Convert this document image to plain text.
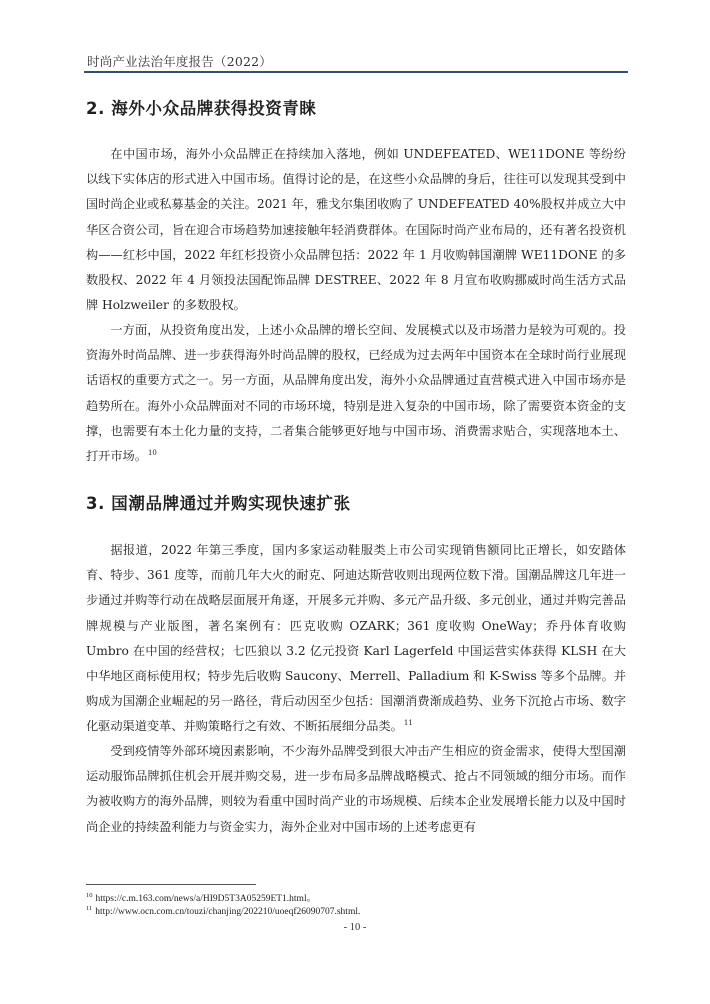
时尚产业法治年度报告（2022）
2. 海外小众品牌获得投资青睐

在中国市场，海外小众品牌正在持续加入落地，例如 UNDEFEATED、WE11DONE 等纷纷以线下实体店的形式进入中国市场。值得讨论的是，在这些小众品牌的身后，往往可以发现其受到中国时尚企业或私募基金的关注。2021 年，雅戈尔集团收购了 UNDEFEATED 40%股权并成立大中华区合资公司，旨在迎合市场趋势加速接触年轻消费群体。在国际时尚产业布局的，还有著名投资机构——红杉中国，2022 年红杉投资小众品牌包括：2022 年 1 月收购韩国潮牌 WE11DONE 的多数股权、2022 年 4 月领投法国配饰品牌 DESTREE、2022 年 8 月宣布收购挪威时尚生活方式品牌 Holzweiler 的多数股权。

一方面，从投资角度出发，上述小众品牌的增长空间、发展模式以及市场潜力是较为可观的。投资海外时尚品牌、进一步获得海外时尚品牌的股权，已经成为过去两年中国资本在全球时尚行业展现话语权的重要方式之一。另一方面，从品牌角度出发，海外小众品牌通过直营模式进入中国市场亦是趋势所在。海外小众品牌面对不同的市场环境，特别是进入复杂的中国市场，除了需要资本资金的支撑，也需要有本土化力量的支持，二者集合能够更好地与中国市场、消费需求贴合，实现落地本土、打开市场。$^{10}$

3. 国潮品牌通过并购实现快速扩张

据报道，2022 年第三季度，国内多家运动鞋服类上市公司实现销售额同比正增长，如安踏体育、特步、361 度等，而前几年大火的耐克、阿迪达斯营收则出现两位数下滑。国潮品牌这几年进一步通过并购等行动在战略层面展开角逐，开展多元并购、多元产品升级、多元创业，通过并购完善品牌规模与产业版图，著名案例有：匹克收购 OZARK；361 度收购 OneWay；乔丹体育收购 Umbro 在中国的经营权；七匹狼以 3.2 亿元投资 Karl Lagerfeld 中国运营实体获得 KLSH 在大中华地区商标使用权；特步先后收购 Saucony、Merrell、Palladium 和 K-Swiss 等多个品牌。并购成为国潮企业崛起的另一路径，背后动因至少包括：国潮消费渐成趋势、业务下沉抢占市场、数字化驱动渠道变革、并购策略行之有效、不断拓展细分品类。$^{11}$

受到疫情等外部环境因素影响，不少海外品牌受到很大冲击产生相应的资金需求，使得大型国潮运动服饰品牌抓住机会开展并购交易，进一步布局多品牌战略模式、抢占不同领域的细分市场。而作为被收购方的海外品牌，则较为看重中国时尚产业的市场规模、后续本企业发展增长能力以及中国时尚企业的持续盈利能力与资金实力，海外企业对中国市场的上述考虑更有

$^{10}$ https://c.m.163.com/news/a/HI9D5T3A05259ET1.html。
$^{11}$ http://www.ocn.com.cn/touzi/chanjing/202210/uoeqf26090707.shtml.
- 10 -
